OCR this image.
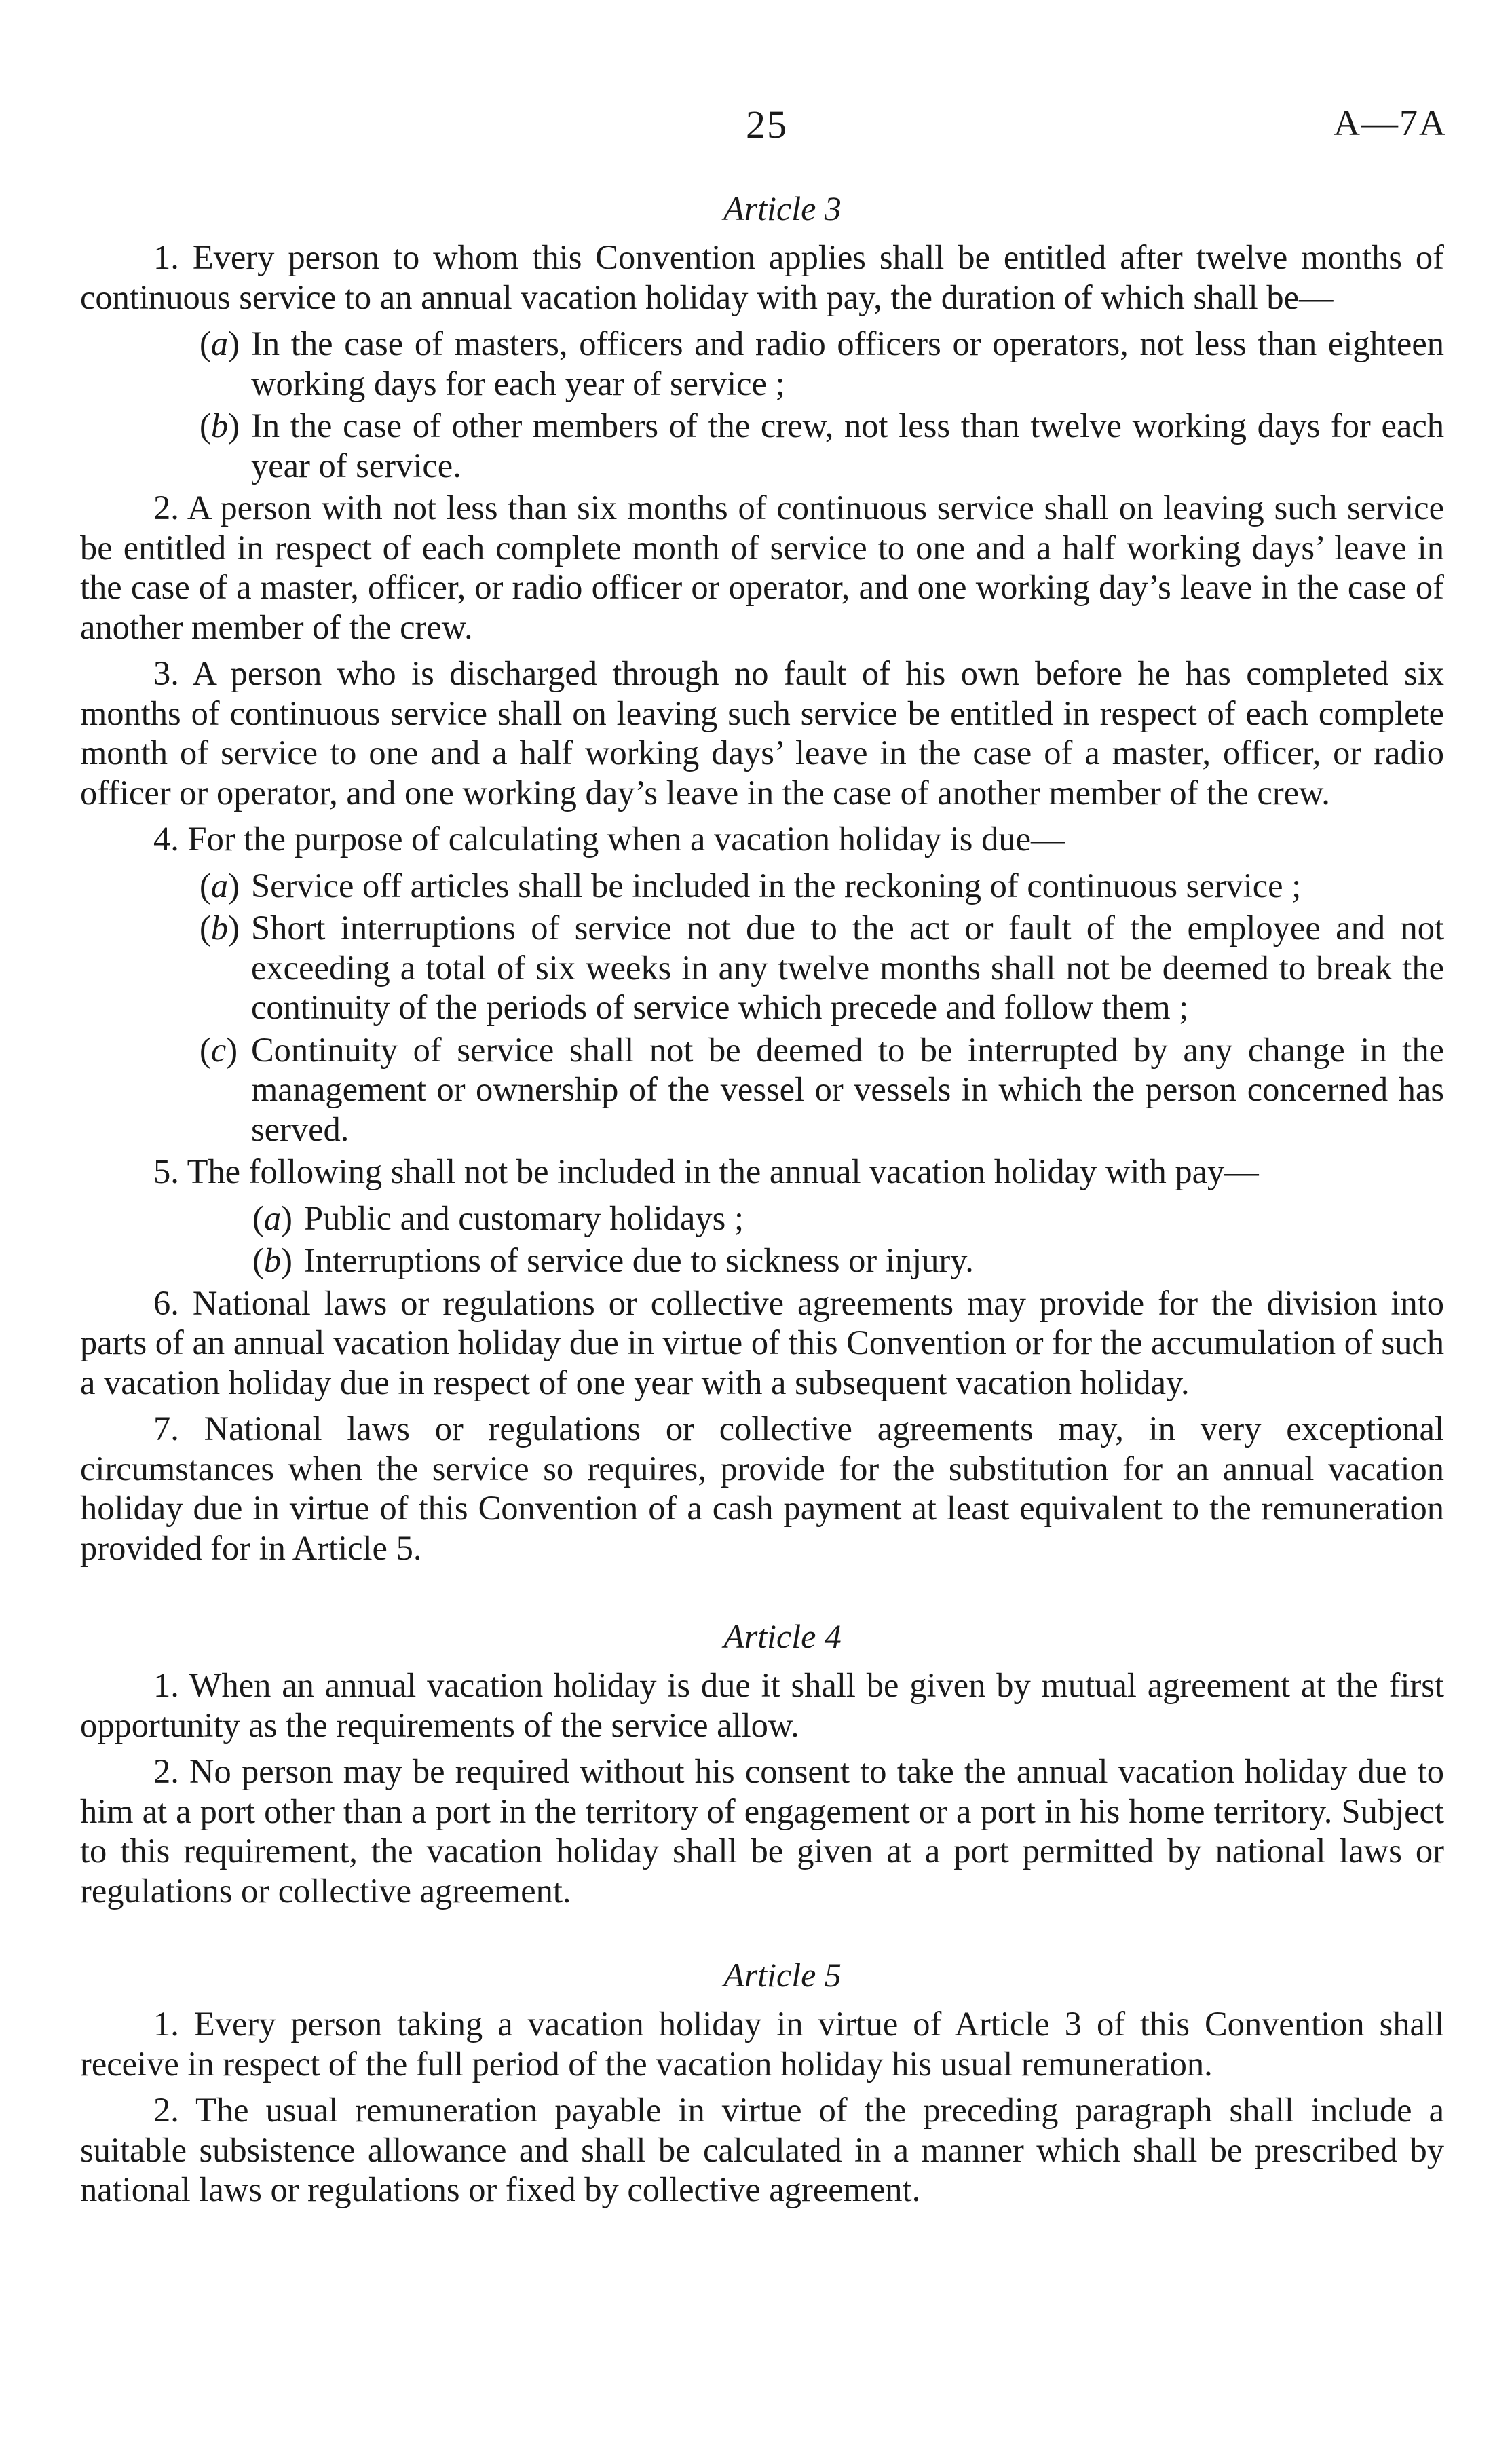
25	A—7A
Article 3

1. Every person to whom this Convention applies shall be entitled after twelve months of continuous service to an annual vacation holiday with pay, the duration of which shall be—

(a) In the case of masters, officers and radio officers or operators, not less than eighteen working days for each year of service ;
(b) In the case of other members of the crew, not less than twelve working days for each year of service.

2. A person with not less than six months of continuous service shall on leaving such service be entitled in respect of each complete month of service to one and a half working days’ leave in the case of a master, officer, or radio officer or operator, and one working day’s leave in the case of another member of the crew.

3. A person who is discharged through no fault of his own before he has completed six months of continuous service shall on leaving such service be entitled in respect of each complete month of service to one and a half working days’ leave in the case of a master, officer, or radio officer or operator, and one working day’s leave in the case of another member of the crew.

4. For the purpose of calculating when a vacation holiday is due—

(a) Service off articles shall be included in the reckoning of continuous service ;
(b) Short interruptions of service not due to the act or fault of the employee and not exceeding a total of six weeks in any twelve months shall not be deemed to break the continuity of the periods of service which precede and follow them ;
(c) Continuity of service shall not be deemed to be interrupted by any change in the management or ownership of the vessel or vessels in which the person concerned has served.

5. The following shall not be included in the annual vacation holiday with pay—

(a) Public and customary holidays ;
(b) Interruptions of service due to sickness or injury.

6. National laws or regulations or collective agreements may provide for the division into parts of an annual vacation holiday due in virtue of this Convention or for the accumulation of such a vacation holiday due in respect of one year with a subsequent vacation holiday.

7. National laws or regulations or collective agreements may, in very exceptional circumstances when the service so requires, provide for the substitution for an annual vacation holiday due in virtue of this Convention of a cash payment at least equivalent to the remuneration provided for in Article 5.

Article 4

1. When an annual vacation holiday is due it shall be given by mutual agreement at the first opportunity as the requirements of the service allow.

2. No person may be required without his consent to take the annual vacation holiday due to him at a port other than a port in the territory of engagement or a port in his home territory. Subject to this requirement, the vacation holiday shall be given at a port permitted by national laws or regulations or collective agreement.

Article 5

1. Every person taking a vacation holiday in virtue of Article 3 of this Convention shall receive in respect of the full period of the vacation holiday his usual remuneration.

2. The usual remuneration payable in virtue of the preceding paragraph shall include a suitable subsistence allowance and shall be calculated in a manner which shall be prescribed by national laws or regulations or fixed by collective agreement.
